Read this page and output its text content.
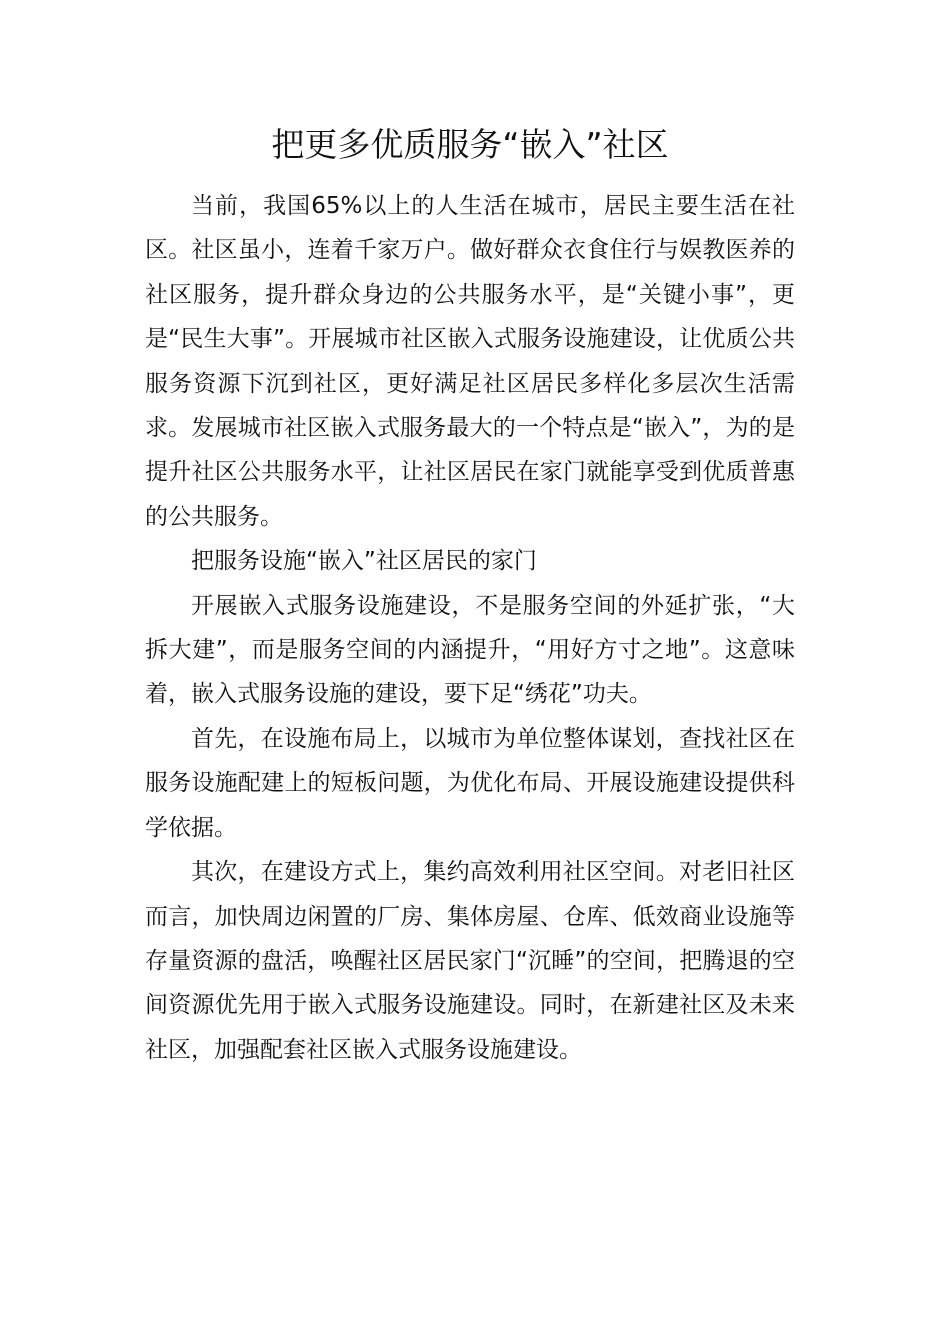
把更多优质服务“嵌入”社区

当前，我国65%以上的人生活在城市，居民主要生活在社区。社区虽小，连着千家万户。做好群众衣食住行与娱教医养的社区服务，提升群众身边的公共服务水平，是“关键小事”，更是“民生大事”。开展城市社区嵌入式服务设施建设，让优质公共服务资源下沉到社区，更好满足社区居民多样化多层次生活需求。发展城市社区嵌入式服务最大的一个特点是“嵌入”，为的是提升社区公共服务水平，让社区居民在家门就能享受到优质普惠的公共服务。

把服务设施“嵌入”社区居民的家门

开展嵌入式服务设施建设，不是服务空间的外延扩张，“大拆大建”，而是服务空间的内涵提升，“用好方寸之地”。这意味着，嵌入式服务设施的建设，要下足“绣花”功夫。

首先，在设施布局上，以城市为单位整体谋划，查找社区在服务设施配建上的短板问题，为优化布局、开展设施建设提供科学依据。

其次，在建设方式上，集约高效利用社区空间。对老旧社区而言，加快周边闲置的厂房、集体房屋、仓库、低效商业设施等存量资源的盘活，唤醒社区居民家门“沉睡”的空间，把腾退的空间资源优先用于嵌入式服务设施建设。同时，在新建社区及未来社区，加强配套社区嵌入式服务设施建设。
